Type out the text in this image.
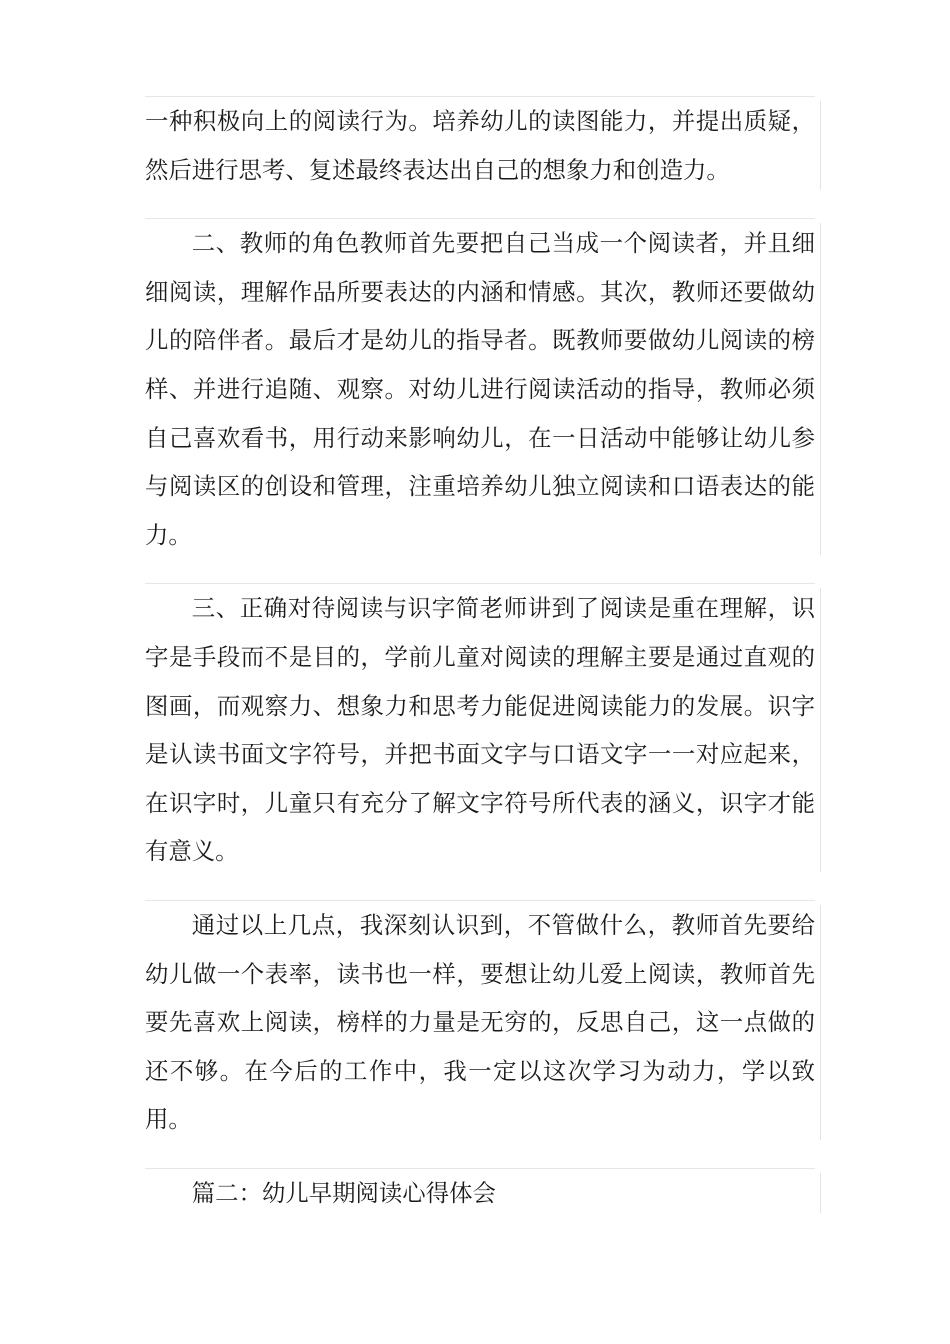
一种积极向上的阅读行为。培养幼儿的读图能力，并提出质疑，然后进行思考、复述最终表达出自己的想象力和创造力。

二、教师的角色教师首先要把自己当成一个阅读者，并且细细阅读，理解作品所要表达的内涵和情感。其次，教师还要做幼儿的陪伴者。最后才是幼儿的指导者。既教师要做幼儿阅读的榜样、并进行追随、观察。对幼儿进行阅读活动的指导，教师必须自己喜欢看书，用行动来影响幼儿，在一日活动中能够让幼儿参与阅读区的创设和管理，注重培养幼儿独立阅读和口语表达的能力。

三、正确对待阅读与识字简老师讲到了阅读是重在理解，识字是手段而不是目的，学前儿童对阅读的理解主要是通过直观的图画，而观察力、想象力和思考力能促进阅读能力的发展。识字是认读书面文字符号，并把书面文字与口语文字一一对应起来，在识字时，儿童只有充分了解文字符号所代表的涵义，识字才能有意义。

通过以上几点，我深刻认识到，不管做什么，教师首先要给幼儿做一个表率，读书也一样，要想让幼儿爱上阅读，教师首先要先喜欢上阅读，榜样的力量是无穷的，反思自己，这一点做的还不够。在今后的工作中，我一定以这次学习为动力，学以致用。

篇二：幼儿早期阅读心得体会
